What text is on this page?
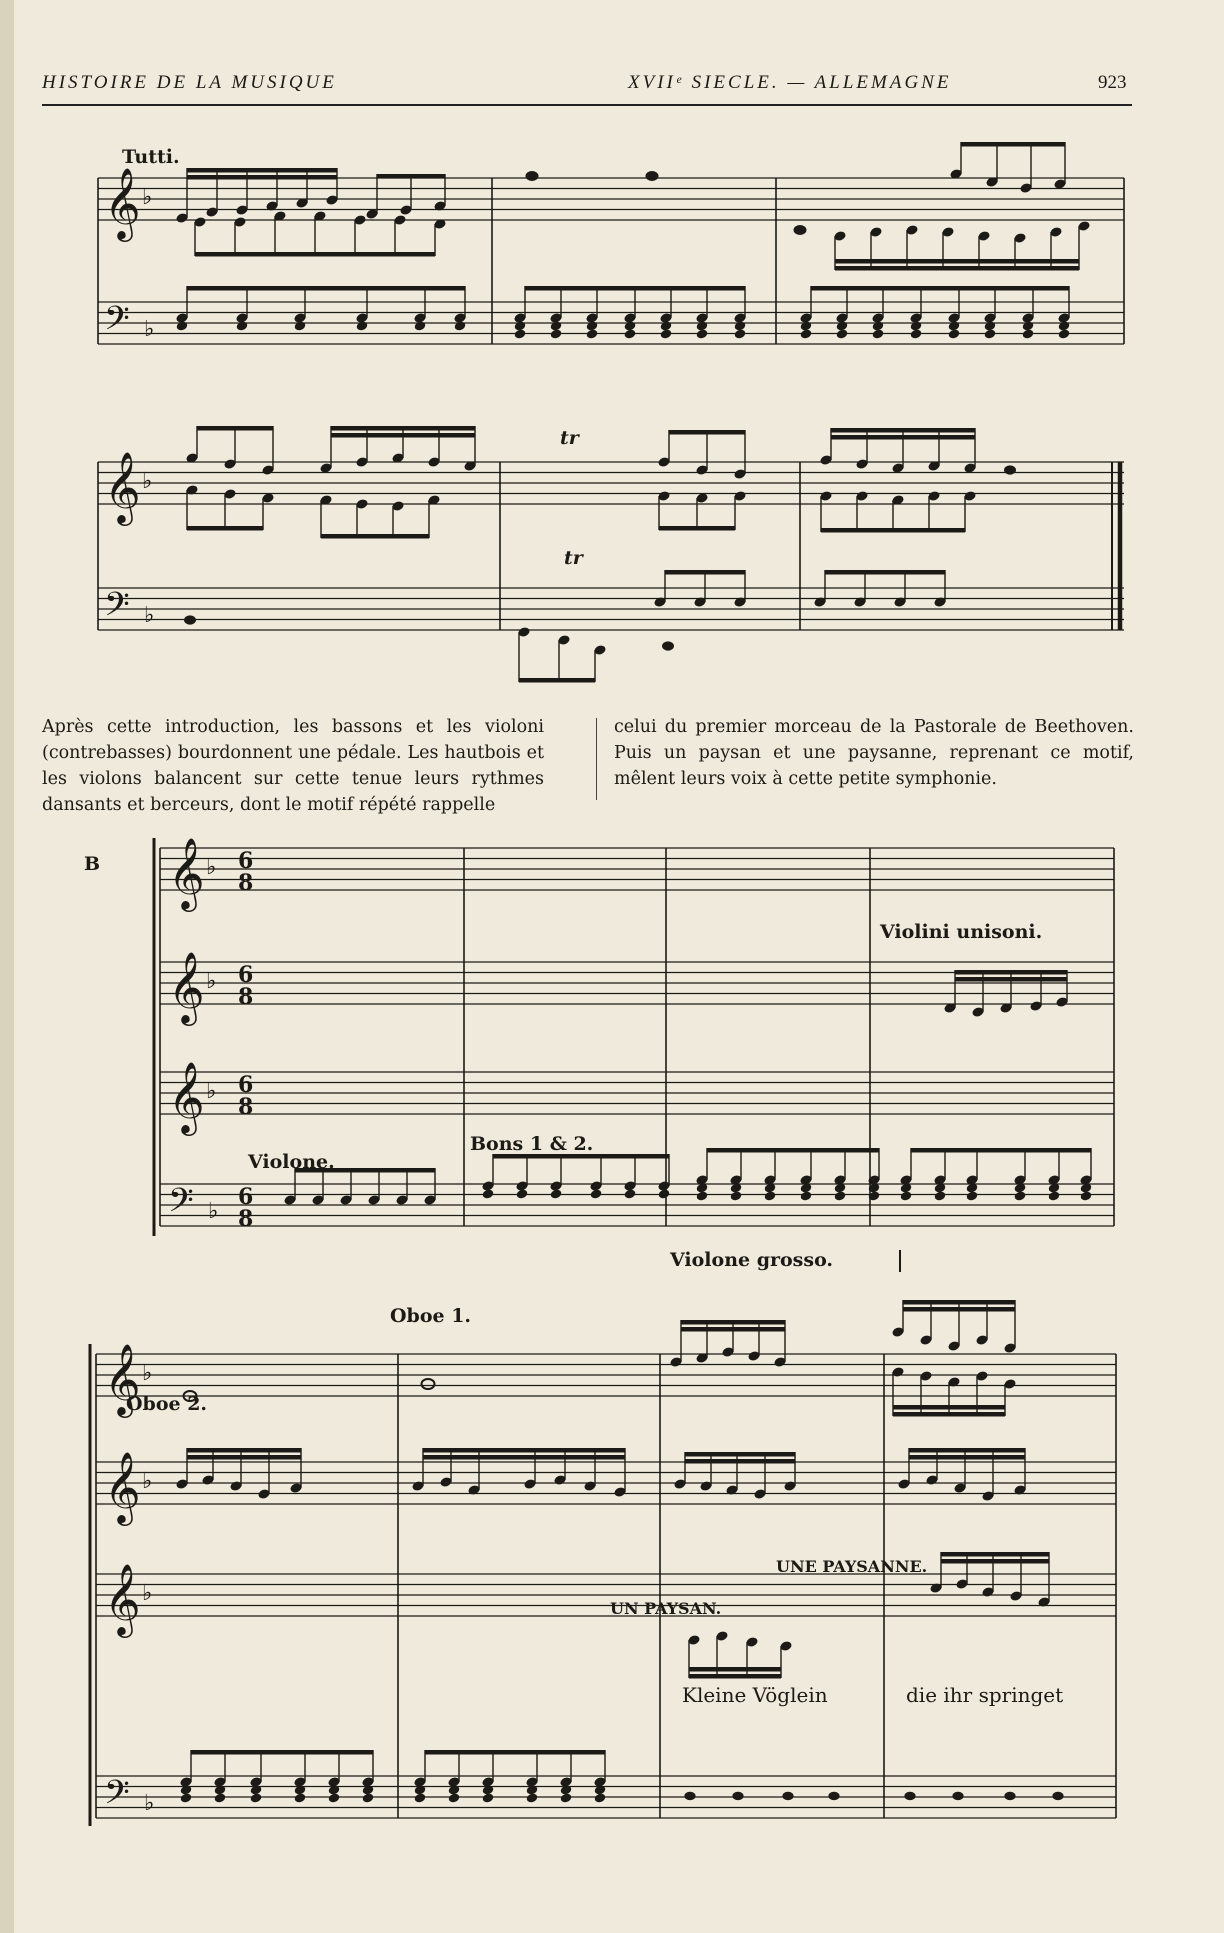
HISTOIRE DE LA MUSIQUE	XVIIᵉ SIECLE. — ALLEMAGNE	923
𝄞 ♭
𝄢 ♭
𝄞 ♭
𝄢 ♭
𝄞 ♭ 6
8
𝄞 ♭ 6
8
𝄞 ♭ 6
8
𝄢 ♭
6
8
𝄞 ♭
𝄞 ♭
𝄞 ♭
𝄢 ♭
Tutti.
B
Violini unisoni.
Violone.
Bons 1 & 2.
Violone grosso.
Oboe 1.
Oboe 2.
UN PAYSAN.
UNE PAYSANNE.
Kleine Vöglein	die ihr springet
tr
tr
Après cette introduction, les bassons et les violoni (contrebasses) bourdonnent une pédale. Les hautbois et les violons balancent sur cette tenue leurs rythmes dansants et berceurs, dont le motif répété rappelle
celui du premier morceau de la Pastorale de Beethoven. Puis un paysan et une paysanne, reprenant ce motif, mêlent leurs voix à cette petite symphonie.
